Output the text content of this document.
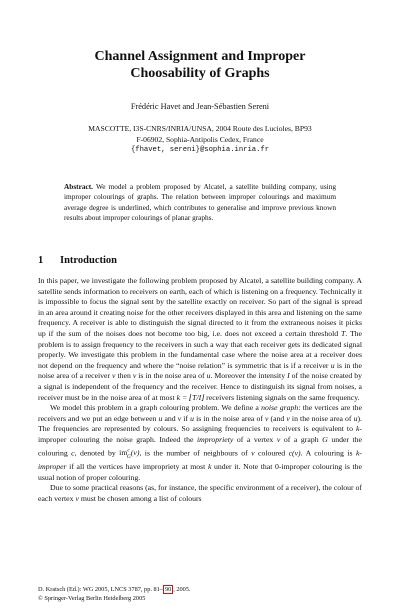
Channel Assignment and Improper
Choosability of Graphs
Frédéric Havet and Jean-Sébastien Sereni
MASCOTTE, I3S-CNRS/INRIA/UNSA, 2004 Route des Lucioles, BP93
F-06902, Sophia-Antipolis Cedex, France
{fhavet, sereni}@sophia.inria.fr
Abstract. We model a problem proposed by Alcatel, a satellite building company, using improper colourings of graphs. The relation between improper colourings and maximum average degree is underlined, which contributes to generalise and improve previous known results about improper colourings of planar graphs.
1 Introduction

In this paper, we investigate the following problem proposed by Alcatel, a satellite building company. A satellite sends information to receivers on earth, each of which is listening on a frequency. Technically it is impossible to focus the signal sent by the satellite exactly on receiver. So part of the signal is spread in an area around it creating noise for the other receivers displayed in this area and listening on the same frequency. A receiver is able to distinguish the signal directed to it from the extraneous noises it picks up if the sum of the noises does not become too big, i.e. does not exceed a certain threshold T. The problem is to assign frequency to the receivers in such a way that each receiver gets its dedicated signal properly. We investigate this problem in the fundamental case where the noise area at a receiver does not depend on the frequency and where the “noise relation” is symmetric that is if a receiver u is in the noise area of a receiver v then v is in the noise area of u. Moreover the intensity I of the noise created by a signal is independent of the frequency and the receiver. Hence to distinguish its signal from noises, a receiver must be in the noise area of at most k = ⌊T/I⌋ receivers listening signals on the same frequency.

We model this problem in a graph colouring problem. We define a noise graph: the vertices are the receivers and we put an edge between u and v if u is in the noise area of v (and v in the noise area of u). The frequencies are represented by colours. So assigning frequencies to receivers is equivalent to k-improper colouring the noise graph. Indeed the impropriety of a vertex v of a graph G under the colouring c, denoted by $im^c_G(v)$, is the number of neighbours of v coloured c(v). A colouring is k-improper if all the vertices have impropriety at most k under it. Note that 0-improper colouring is the usual notion of proper colouring.

Due to some practical reasons (as, for instance, the specific environment of a receiver), the colour of each vertex v must be chosen among a list of colours

D. Kratsch (Ed.): WG 2005, LNCS 3787, pp. 81– 90 , 2005.
© Springer-Verlag Berlin Heidelberg 2005
